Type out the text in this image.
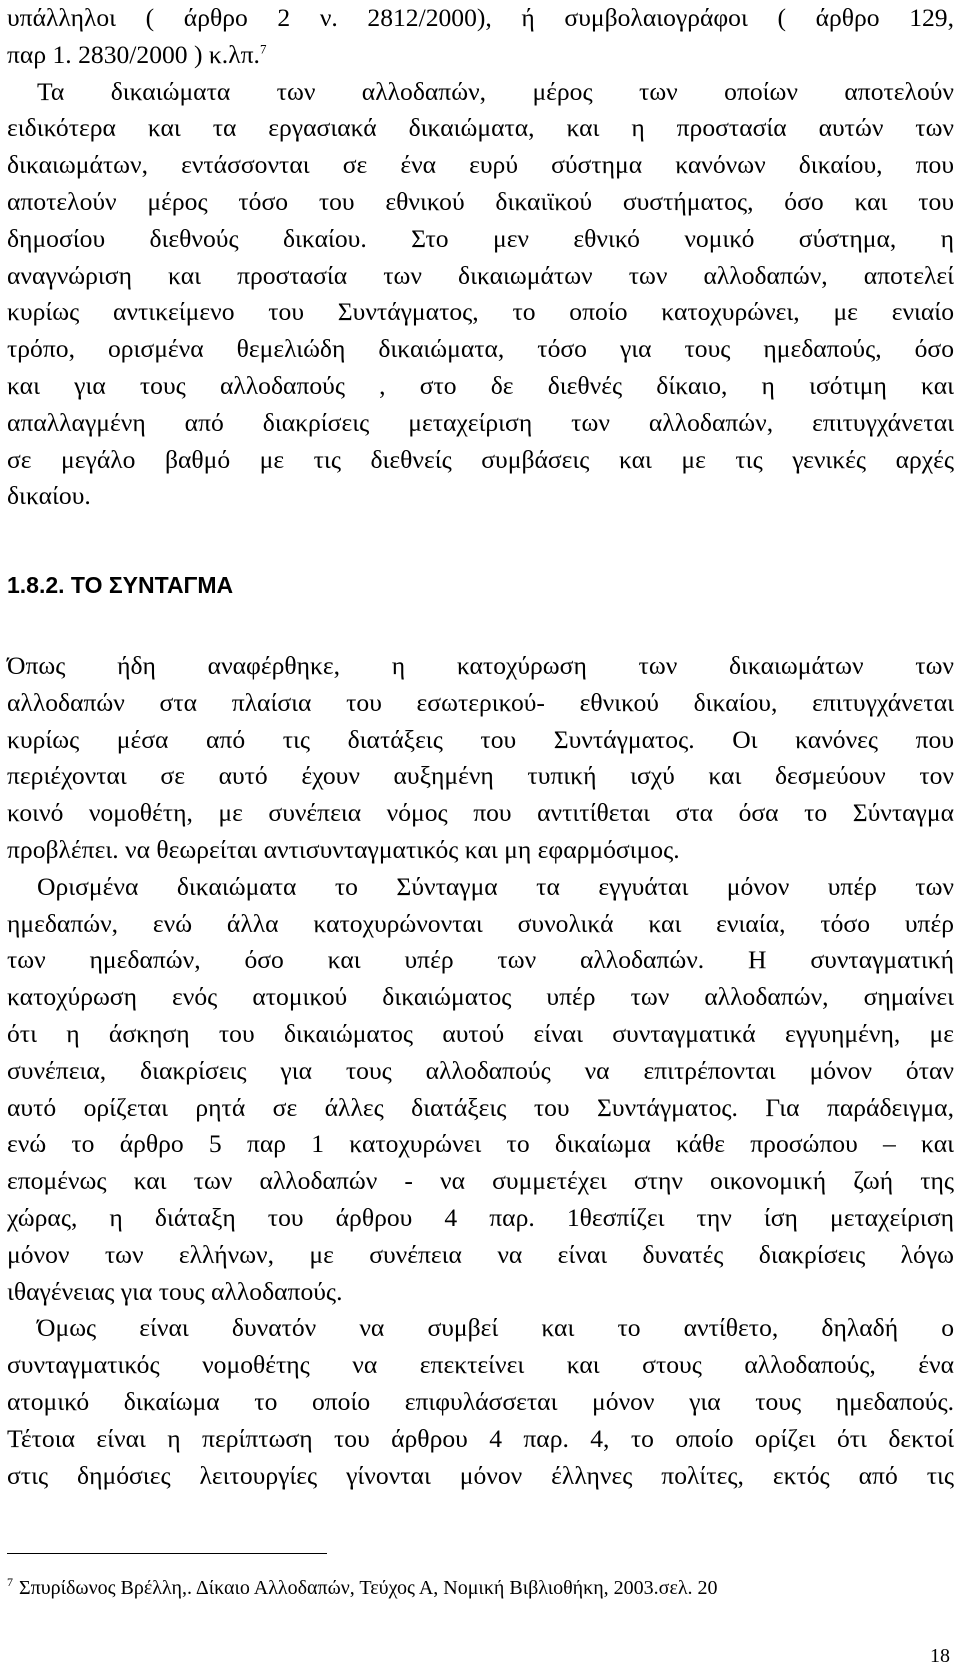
υπάλληλοι ( άρθρο 2 ν. 2812/2000), ή συμβολαιογράφοι ( άρθρο 129,
παρ 1. 2830/2000 ) κ.λπ.$^7$
Τα δικαιώματα των αλλοδαπών, μέρος των οποίων αποτελούν
ειδικότερα και τα εργασιακά δικαιώματα, και η προστασία αυτών των
δικαιωμάτων, εντάσσονται σε ένα ευρύ σύστημα κανόνων δικαίου, που
αποτελούν μέρος τόσο του εθνικού δικαιϊκού συστήματος, όσο και του
δημοσίου διεθνούς δικαίου. Στο μεν εθνικό νομικό σύστημα, η
αναγνώριση και προστασία των δικαιωμάτων των αλλοδαπών, αποτελεί
κυρίως αντικείμενο του Συντάγματος, το οποίο κατοχυρώνει, με ενιαίο
τρόπο, ορισμένα θεμελιώδη δικαιώματα, τόσο για τους ημεδαπούς, όσο
και για τους αλλοδαπούς , στο δε διεθνές δίκαιο, η ισότιμη και
απαλλαγμένη από διακρίσεις μεταχείριση των αλλοδαπών, επιτυγχάνεται
σε μεγάλο βαθμό με τις διεθνείς συμβάσεις και με τις γενικές αρχές
δικαίου.
1.8.2. ΤΟ ΣΥΝΤΑΓΜΑ
Όπως ήδη αναφέρθηκε, η κατοχύρωση των δικαιωμάτων των
αλλοδαπών στα πλαίσια του εσωτερικού- εθνικού δικαίου, επιτυγχάνεται
κυρίως μέσα από τις διατάξεις του Συντάγματος. Οι κανόνες που
περιέχονται σε αυτό έχουν αυξημένη τυπική ισχύ και δεσμεύουν τον
κοινό νομοθέτη, με συνέπεια νόμος που αντιτίθεται στα όσα το Σύνταγμα
προβλέπει. να θεωρείται αντισυνταγματικός και μη εφαρμόσιμος.
Ορισμένα δικαιώματα το Σύνταγμα τα εγγυάται μόνον υπέρ των
ημεδαπών, ενώ άλλα κατοχυρώνονται συνολικά και ενιαία, τόσο υπέρ
των ημεδαπών, όσο και υπέρ των αλλοδαπών. Η συνταγματική
κατοχύρωση ενός ατομικού δικαιώματος υπέρ των αλλοδαπών, σημαίνει
ότι η άσκηση του δικαιώματος αυτού είναι συνταγματικά εγγυημένη, με
συνέπεια, διακρίσεις για τους αλλοδαπούς να επιτρέπονται μόνον όταν
αυτό ορίζεται ρητά σε άλλες διατάξεις του Συντάγματος. Για παράδειγμα,
ενώ το άρθρο 5 παρ 1 κατοχυρώνει το δικαίωμα κάθε προσώπου – και
επομένως και των αλλοδαπών - να συμμετέχει στην οικονομική ζωή της
χώρας, η διάταξη του άρθρου 4 παρ. 1θεσπίζει την ίση μεταχείριση
μόνον των ελλήνων, με συνέπεια να είναι δυνατές διακρίσεις λόγω
ιθαγένειας για τους αλλοδαπούς.
Όμως είναι δυνατόν να συμβεί και το αντίθετο, δηλαδή ο
συνταγματικός νομοθέτης να επεκτείνει και στους αλλοδαπούς, ένα
ατομικό δικαίωμα το οποίο επιφυλάσσεται μόνον για τους ημεδαπούς.
Τέτοια είναι η περίπτωση του άρθρου 4 παρ. 4, το οποίο ορίζει ότι δεκτοί
στις δημόσιες λειτουργίες γίνονται μόνον έλληνες πολίτες, εκτός από τις
$^7$ Σπυρίδωνος Βρέλλη,. Δίκαιο Αλλοδαπών, Τεύχος Α, Νομική Βιβλιοθήκη, 2003.σελ. 20
18
